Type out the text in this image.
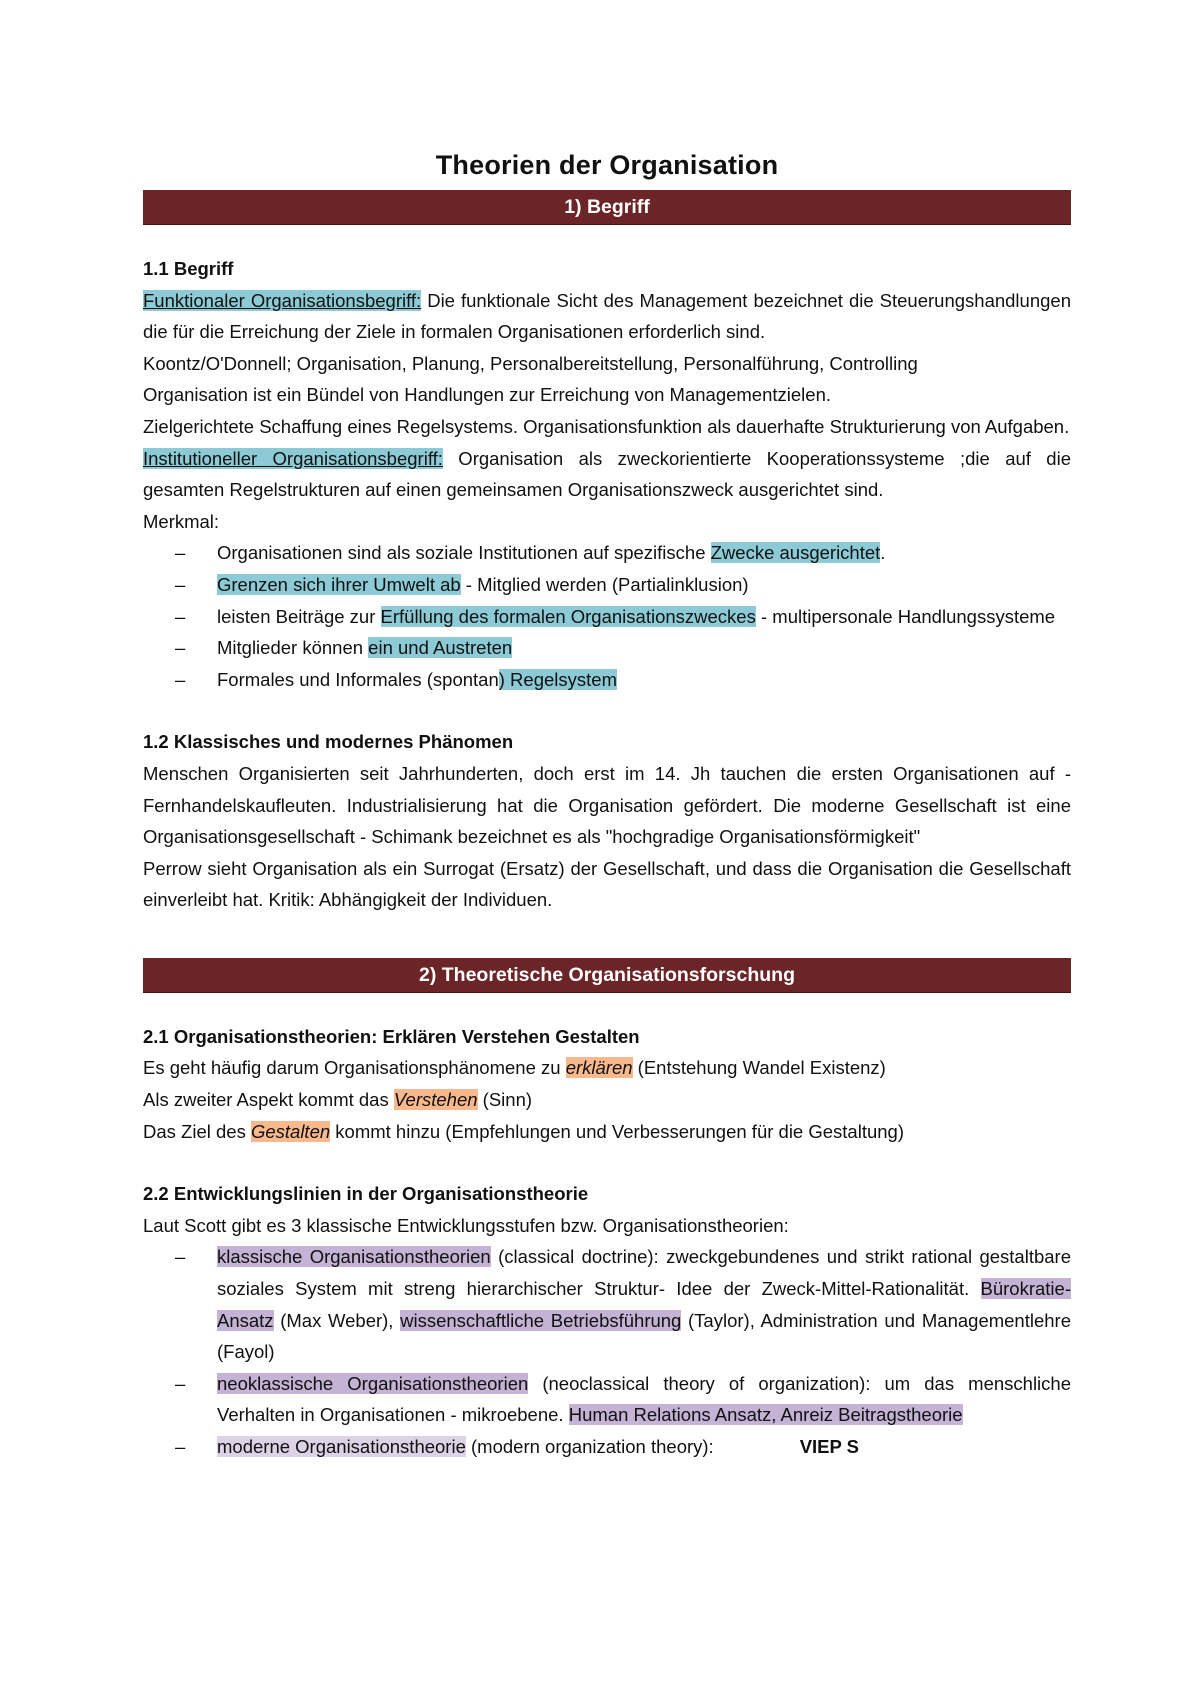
Theorien der Organisation
1) Begriff

1.1 Begriff

Funktionaler Organisationsbegriff: Die funktionale Sicht des Management bezeichnet die Steuerungshandlungen die für die Erreichung der Ziele in formalen Organisationen erforderlich sind.

Koontz/O'Donnell; Organisation, Planung, Personalbereitstellung, Personalführung, Controlling

Organisation ist ein Bündel von Handlungen zur Erreichung von Managementzielen.

Zielgerichtete Schaffung eines Regelsystems. Organisationsfunktion als dauerhafte Strukturierung von Aufgaben.

Institutioneller Organisationsbegriff: Organisation als zweckorientierte Kooperationssysteme ;die auf die gesamten Regelstrukturen auf einen gemeinsamen Organisationszweck ausgerichtet sind.

Merkmal:

– Organisationen sind als soziale Institutionen auf spezifische Zwecke ausgerichtet.
– Grenzen sich ihrer Umwelt ab - Mitglied werden (Partialinklusion)
– leisten Beiträge zur Erfüllung des formalen Organisationszweckes - multipersonale Handlungssysteme
– Mitglieder können ein und Austreten
– Formales und Informales (spontan) Regelsystem

1.2 Klassisches und modernes Phänomen

Menschen Organisierten seit Jahrhunderten, doch erst im 14. Jh tauchen die ersten Organisationen auf - Fernhandelskaufleuten. Industrialisierung hat die Organisation gefördert. Die moderne Gesellschaft ist eine Organisationsgesellschaft - Schimank bezeichnet es als "hochgradige Organisationsförmigkeit"

Perrow sieht Organisation als ein Surrogat (Ersatz) der Gesellschaft, und dass die Organisation die Gesellschaft einverleibt hat. Kritik: Abhängigkeit der Individuen.

2) Theoretische Organisationsforschung

2.1 Organisationstheorien: Erklären Verstehen Gestalten

Es geht häufig darum Organisationsphänomene zu erklären (Entstehung Wandel Existenz)

Als zweiter Aspekt kommt das Verstehen (Sinn)

Das Ziel des Gestalten kommt hinzu (Empfehlungen und Verbesserungen für die Gestaltung)

2.2 Entwicklungslinien in der Organisationstheorie

Laut Scott gibt es 3 klassische Entwicklungsstufen bzw. Organisationstheorien:

– klassische Organisationstheorien (classical doctrine): zweckgebundenes und strikt rational gestaltbare soziales System mit streng hierarchischer Struktur- Idee der Zweck-Mittel-Rationalität. Bürokratie-Ansatz (Max Weber), wissenschaftliche Betriebsführung (Taylor), Administration und Managementlehre (Fayol)
– neoklassische Organisationstheorien (neoclassical theory of organization): um das menschliche Verhalten in Organisationen - mikroebene. Human Relations Ansatz, Anreiz Beitragstheorie
– moderne Organisationstheorie (modern organization theory):	VIEP S
